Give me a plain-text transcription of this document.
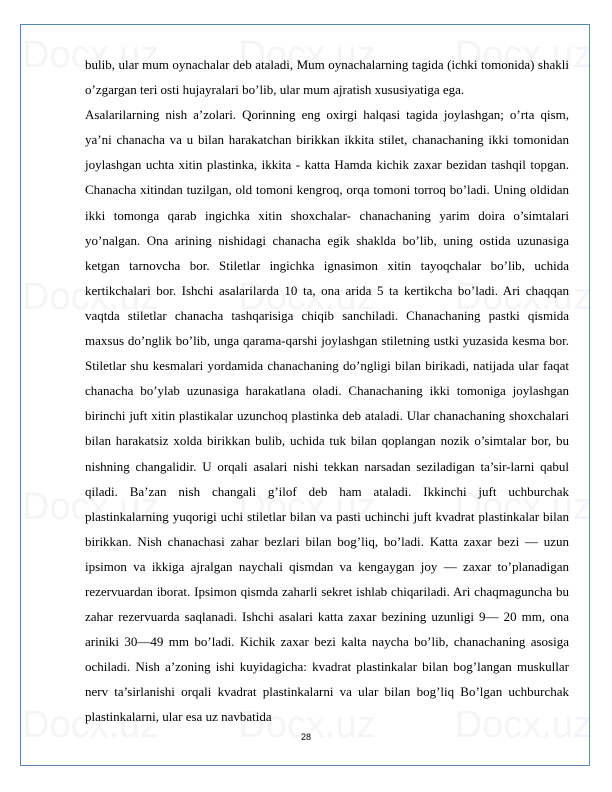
bulib, ular mum oynachalar deb ataladi, Mum oynachalarning tagida (ichki tomonida) shakli o’zgargan teri osti hujayralari bo’lib, ular mum ajratish xususiyatiga ega.

Asalarilarning nish a’zolari. Qorinning eng oxirgi halqasi tagida joylashgan; o’rta qism, ya’ni chanacha va u bilan harakatchan birikkan ikkita stilet, chanachaning ikki tomonidan joylashgan uchta xitin plastinka, ikkita - katta Hamda kichik zaxar bezidan tashqil topgan. Chanacha xitindan tuzilgan, old tomoni kengroq, orqa tomoni torroq bo’ladi. Uning oldidan ikki tomonga qarab ingichka xitin shoxchalar- chanachaning yarim doira o’simtalari yo’nalgan. Ona arining nishidagi chanacha egik shaklda bo’lib, uning ostida uzunasiga ketgan tarnovcha bor. Stiletlar ingichka ignasimon xitin tayoqchalar bo’lib, uchida kertikchalari bor. Ishchi asalarilarda 10 ta, ona arida 5 ta kertikcha bo’ladi. Ari chaqqan vaqtda stiletlar chanacha tashqarisiga chiqib sanchiladi. Chanachaning pastki qismida maxsus do’nglik bo’lib, unga qarama-qarshi joylashgan stiletning ustki yuzasida kesma bor. Stiletlar shu kesmalari yordamida chanachaning do’ngligi bilan birikadi, natijada ular faqat chanacha bo’ylab uzunasiga harakatlana oladi. Chanachaning ikki tomoniga joylashgan birinchi juft xitin plastikalar uzunchoq plastinka deb ataladi. Ular chanachaning shoxchalari bilan harakatsiz xolda birikkan bulib, uchida tuk bilan qoplangan nozik o’simtalar bor, bu nishning changalidir. U orqali asalari nishi tekkan narsadan seziladigan ta’sir-larni qabul qiladi. Ba’zan nish changali g’ilof deb ham ataladi. Ikkinchi juft uchburchak plastinkalarning yuqorigi uchi stiletlar bilan va pasti uchinchi juft kvadrat plastinkalar bilan birikkan. Nish chanachasi zahar bezlari bilan bog’liq, bo’ladi. Katta zaxar bezi — uzun ipsimon va ikkiga ajralgan naychali qismdan va kengaygan joy — zaxar to’planadigan rezervuardan iborat. Ipsimon qismda zaharli sekret ishlab chiqariladi. Ari chaqmaguncha bu zahar rezervuarda saqlanadi. Ishchi asalari katta zaxar bezining uzunligi 9— 20 mm, ona ariniki 30—49 mm bo’ladi. Kichik zaxar bezi kalta naycha bo’lib, chanachaning asosiga ochiladi. Nish a’zoning ishi kuyidagicha: kvadrat plastinkalar bilan bog’langan muskullar nerv ta’sirlanishi orqali kvadrat plastinkalarni va ular bilan bog’liq Bo’lgan uchburchak plastinkalarni, ular esa uz navbatida

28
